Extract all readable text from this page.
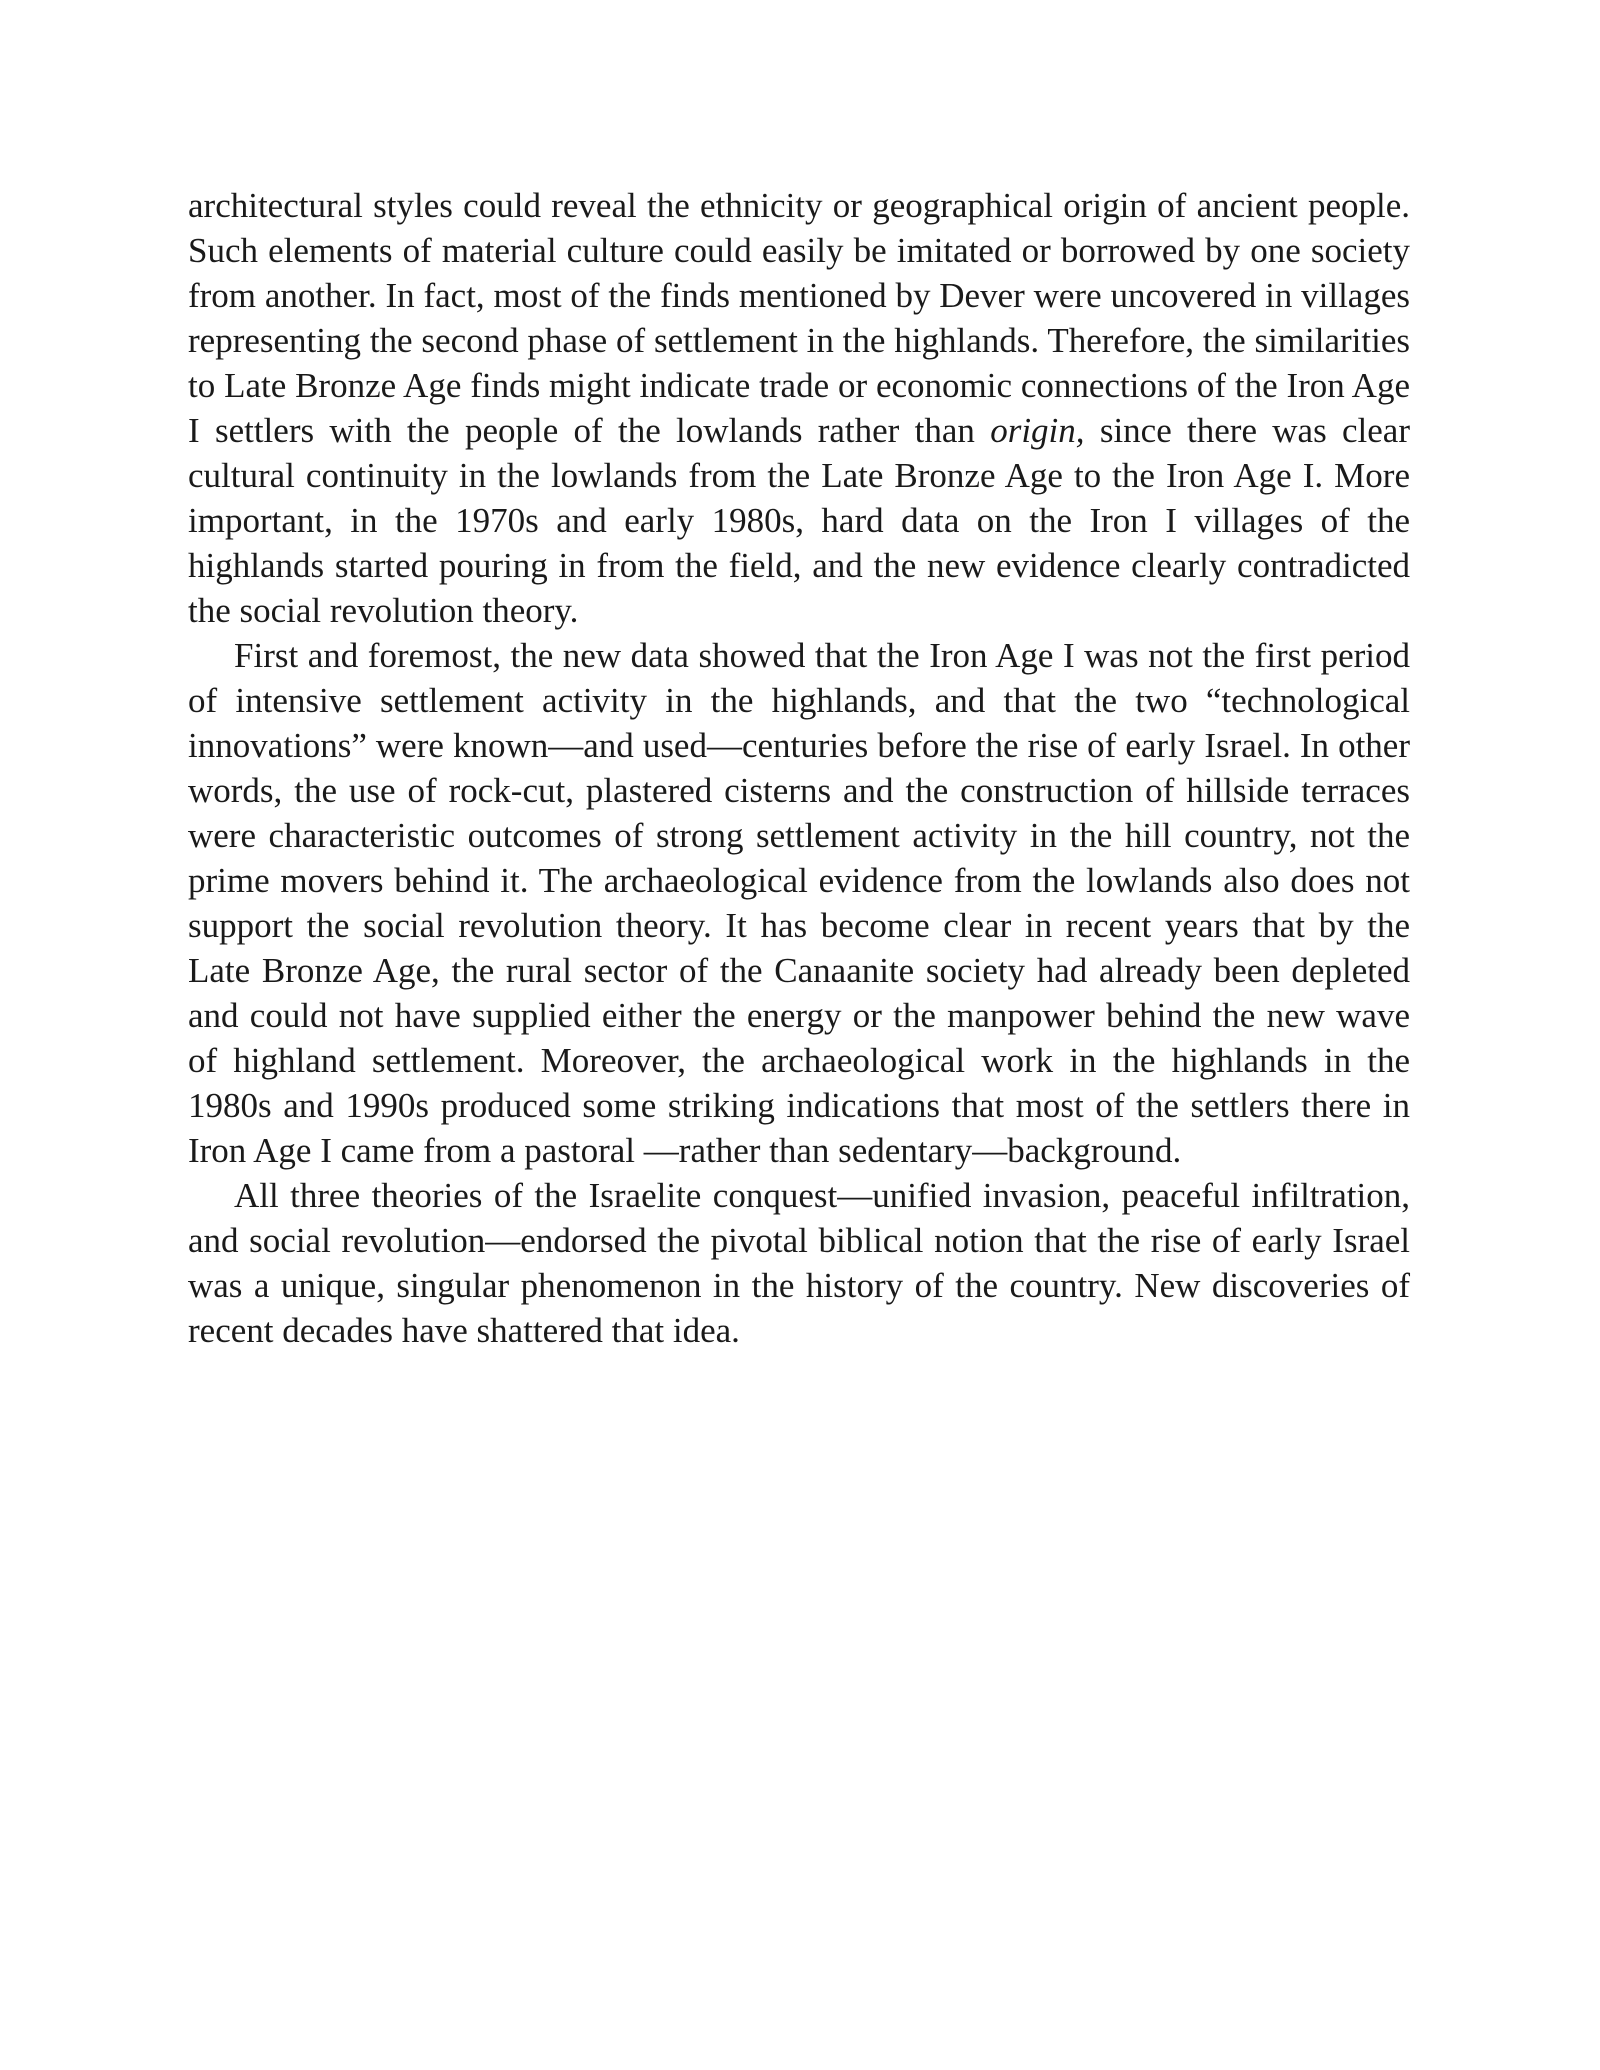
architectural styles could reveal the ethnicity or geographical origin of ancient people. Such elements of material culture could easily be imitated or borrowed by one society from another. In fact, most of the finds mentioned by Dever were uncovered in villages representing the second phase of settlement in the highlands. Therefore, the similarities to Late Bronze Age finds might indicate trade or economic connections of the Iron Age I settlers with the people of the lowlands rather than origin, since there was clear cultural continuity in the lowlands from the Late Bronze Age to the Iron Age I. More important, in the 1970s and early 1980s, hard data on the Iron I villages of the highlands started pouring in from the field, and the new evidence clearly contradicted the social revolution theory.

First and foremost, the new data showed that the Iron Age I was not the first period of intensive settlement activity in the highlands, and that the two “technological innovations” were known—and used—centuries before the rise of early Israel. In other words, the use of rock-cut, plastered cisterns and the construction of hillside terraces were characteristic outcomes of strong settlement activity in the hill country, not the prime movers behind it. The archaeological evidence from the lowlands also does not support the social revolution theory. It has become clear in recent years that by the Late Bronze Age, the rural sector of the Canaanite society had already been depleted and could not have supplied either the energy or the manpower behind the new wave of highland settlement. Moreover, the archaeological work in the highlands in the 1980s and 1990s produced some striking indications that most of the settlers there in Iron Age I came from a pastoral —rather than sedentary—background.

All three theories of the Israelite conquest—unified invasion, peaceful infiltration, and social revolution—endorsed the pivotal biblical notion that the rise of early Israel was a unique, singular phenomenon in the history of the country. New discoveries of recent decades have shattered that idea.
